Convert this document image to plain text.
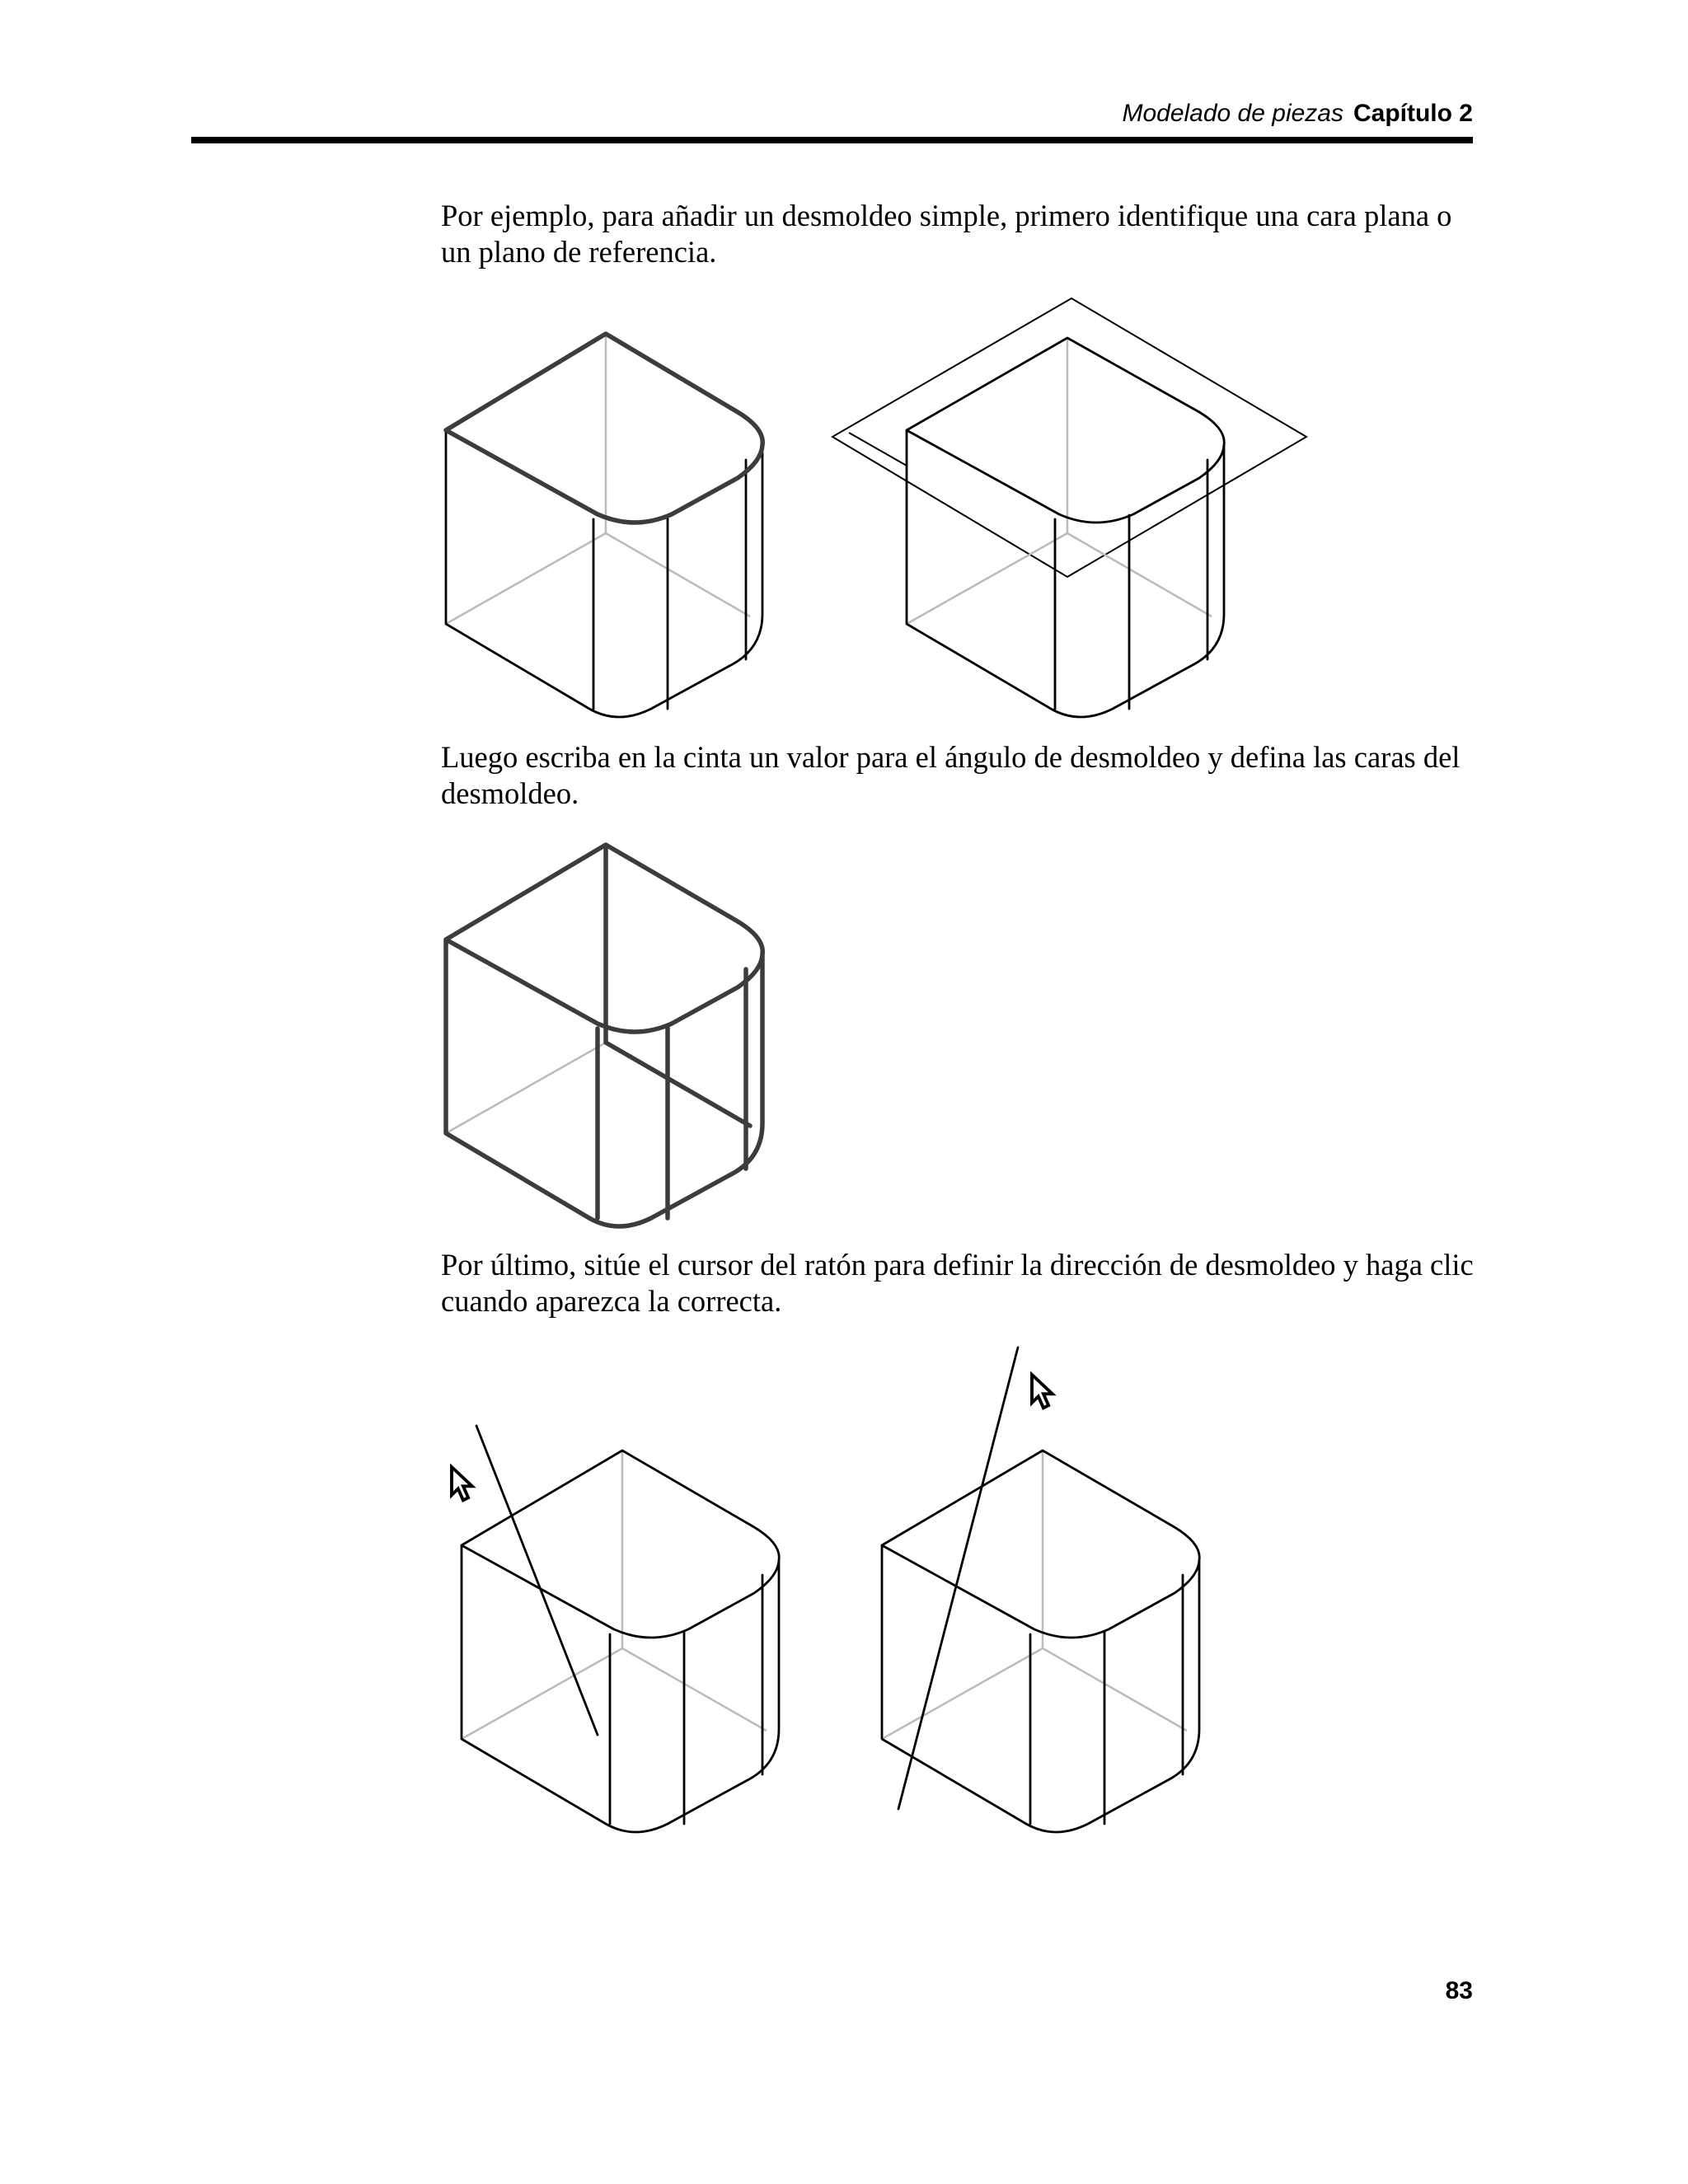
Modelado de piezas Capítulo 2

Por ejemplo, para añadir un desmoldeo simple, primero identifique una cara plana o un plano de referencia.

Luego escriba en la cinta un valor para el ángulo de desmoldeo y defina las caras del desmoldeo.

Por último, sitúe el cursor del ratón para definir la dirección de desmoldeo y haga clic cuando aparezca la correcta.

83
